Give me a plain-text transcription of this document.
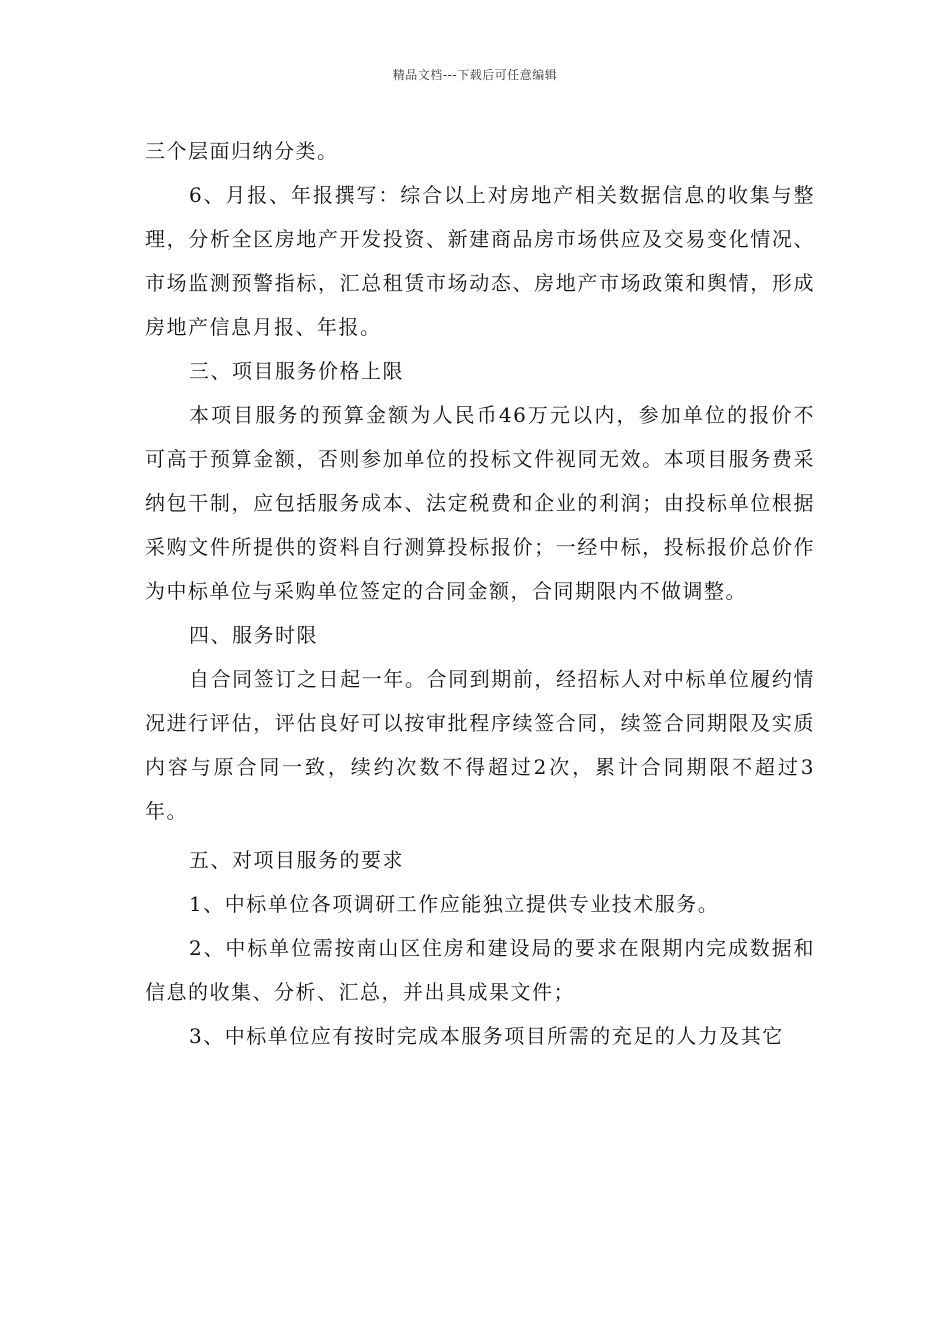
精品文档---下载后可任意编辑

三个层面归纳分类。

6、月报、年报撰写：综合以上对房地产相关数据信息的收集与整理，分析全区房地产开发投资、新建商品房市场供应及交易变化情况、市场监测预警指标，汇总租赁市场动态、房地产市场政策和舆情，形成房地产信息月报、年报。

三、项目服务价格上限

本项目服务的预算金额为人民币46万元以内，参加单位的报价不可高于预算金额，否则参加单位的投标文件视同无效。本项目服务费采纳包干制，应包括服务成本、法定税费和企业的利润；由投标单位根据采购文件所提供的资料自行测算投标报价；一经中标，投标报价总价作为中标单位与采购单位签定的合同金额，合同期限内不做调整。

四、服务时限

自合同签订之日起一年。合同到期前，经招标人对中标单位履约情况进行评估，评估良好可以按审批程序续签合同，续签合同期限及实质内容与原合同一致，续约次数不得超过2次，累计合同期限不超过3年。

五、对项目服务的要求

1、中标单位各项调研工作应能独立提供专业技术服务。

2、中标单位需按南山区住房和建设局的要求在限期内完成数据和信息的收集、分析、汇总，并出具成果文件；

3、中标单位应有按时完成本服务项目所需的充足的人力及其它
